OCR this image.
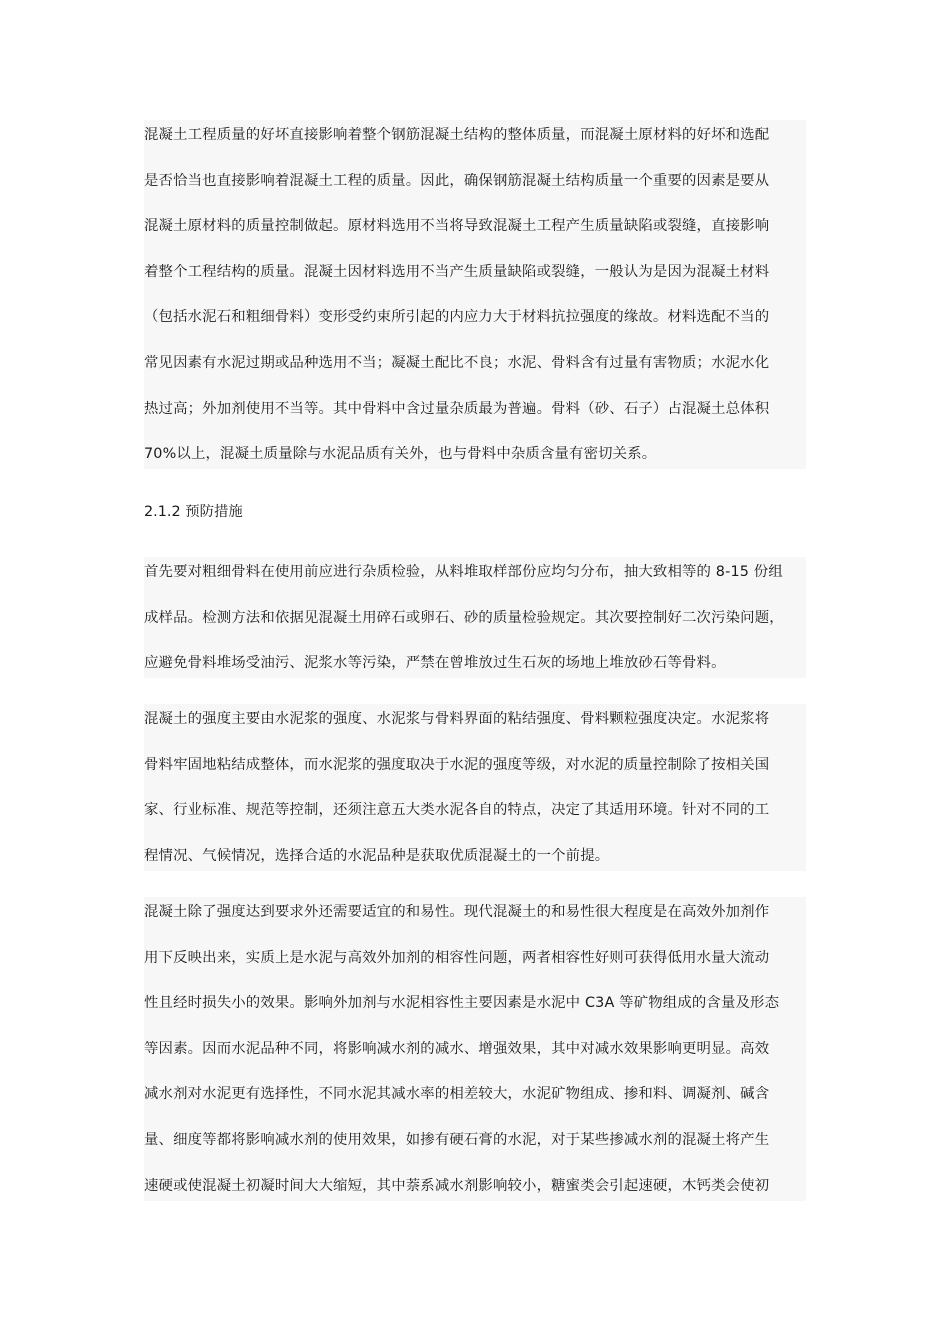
混凝土工程质量的好坏直接影响着整个钢筋混凝土结构的整体质量，而混凝土原材料的好坏和选配
是否恰当也直接影响着混凝土工程的质量。因此，确保钢筋混凝土结构质量一个重要的因素是要从
混凝土原材料的质量控制做起。原材料选用不当将导致混凝土工程产生质量缺陷或裂缝，直接影响
着整个工程结构的质量。混凝土因材料选用不当产生质量缺陷或裂缝，一般认为是因为混凝土材料
（包括水泥石和粗细骨料）变形受约束所引起的内应力大于材料抗拉强度的缘故。材料选配不当的
常见因素有水泥过期或品种选用不当；凝凝土配比不良；水泥、骨料含有过量有害物质；水泥水化
热过高；外加剂使用不当等。其中骨料中含过量杂质最为普遍。骨料（砂、石子）占混凝土总体积
70%以上，混凝土质量除与水泥品质有关外，也与骨料中杂质含量有密切关系。
2.1.2 预防措施
首先要对粗细骨料在使用前应进行杂质检验，从料堆取样部份应均匀分布，抽大致相等的 8-15 份组
成样品。检测方法和依据见混凝土用碎石或卵石、砂的质量检验规定。其次要控制好二次污染问题，
应避免骨料堆场受油污、泥浆水等污染，严禁在曾堆放过生石灰的场地上堆放砂石等骨料。
混凝土的强度主要由水泥浆的强度、水泥浆与骨料界面的粘结强度、骨料颗粒强度决定。水泥浆将
骨料牢固地粘结成整体，而水泥浆的强度取决于水泥的强度等级，对水泥的质量控制除了按相关国
家、行业标准、规范等控制，还须注意五大类水泥各自的特点，决定了其适用环境。针对不同的工
程情况、气候情况，选择合适的水泥品种是获取优质混凝土的一个前提。
混凝土除了强度达到要求外还需要适宜的和易性。现代混凝土的和易性很大程度是在高效外加剂作
用下反映出来，实质上是水泥与高效外加剂的相容性问题，两者相容性好则可获得低用水量大流动
性且经时损失小的效果。影响外加剂与水泥相容性主要因素是水泥中 C3A 等矿物组成的含量及形态
等因素。因而水泥品种不同，将影响减水剂的减水、增强效果，其中对减水效果影响更明显。高效
减水剂对水泥更有选择性，不同水泥其减水率的相差较大，水泥矿物组成、掺和料、调凝剂、碱含
量、细度等都将影响减水剂的使用效果，如掺有硬石膏的水泥，对于某些掺减水剂的混凝土将产生
速硬或使混凝土初凝时间大大缩短，其中萘系减水剂影响较小，糖蜜类会引起速硬，木钙类会使初
